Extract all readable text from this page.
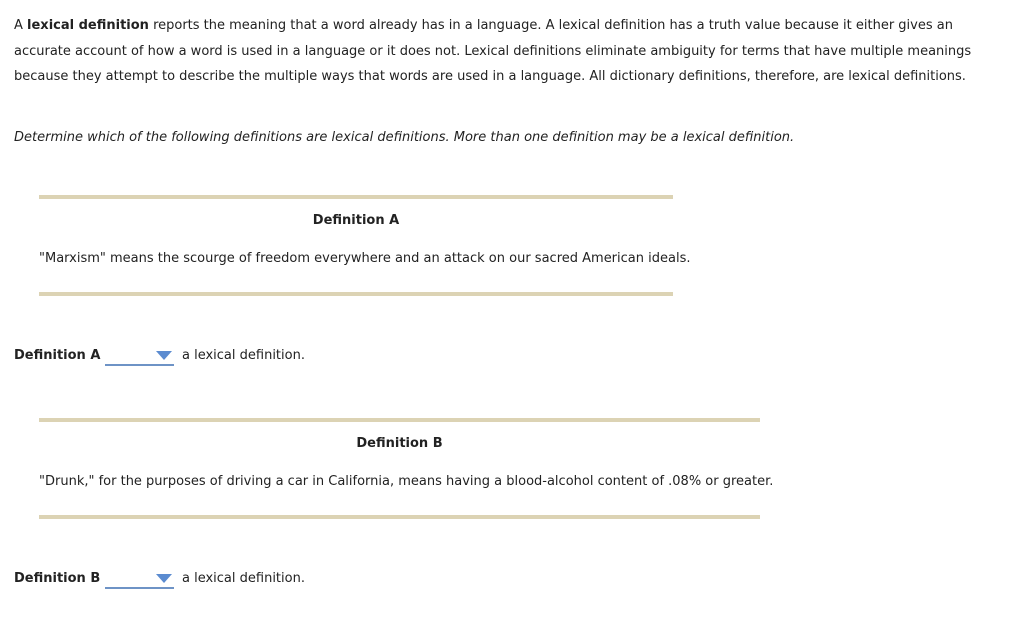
A lexical definition reports the meaning that a word already has in a language. A lexical definition has a truth value because it either gives an accurate account of how a word is used in a language or it does not. Lexical definitions eliminate ambiguity for terms that have multiple meanings because they attempt to describe the multiple ways that words are used in a language. All dictionary definitions, therefore, are lexical definitions.

Determine which of the following definitions are lexical definitions. More than one definition may be a lexical definition.

Definition A
"Marxism" means the scourge of freedom everywhere and an attack on our sacred American ideals.
Definition A	a lexical definition.
Definition B
"Drunk," for the purposes of driving a car in California, means having a blood-alcohol content of .08% or greater.
Definition B	a lexical definition.
